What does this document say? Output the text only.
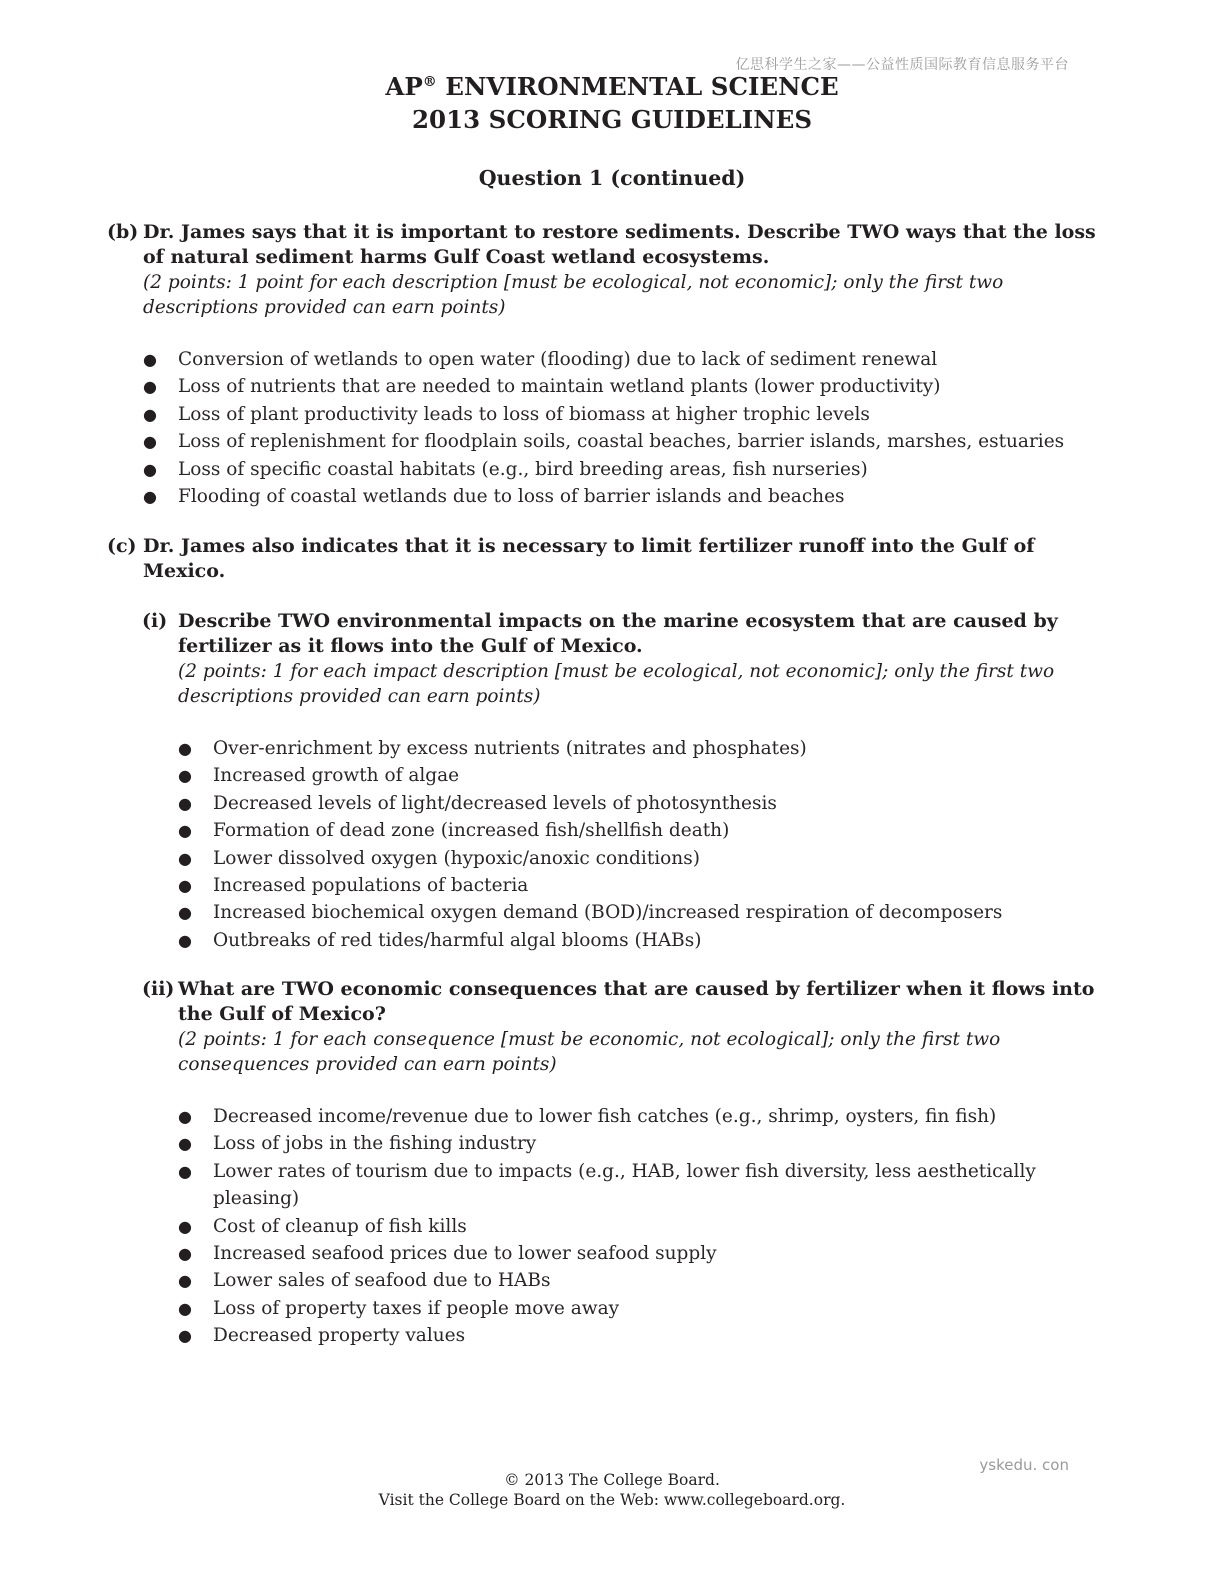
亿思科学生之家——公益性质国际教育信息服务平台
AP® ENVIRONMENTAL SCIENCE
2013 SCORING GUIDELINES
Question 1 (continued)
(b) Dr. James says that it is important to restore sediments. Describe TWO ways that the loss of natural sediment harms Gulf Coast wetland ecosystems.
(2 points: 1 point for each description [must be ecological, not economic]; only the first two descriptions provided can earn points)
● Conversion of wetlands to open water (flooding) due to lack of sediment renewal
● Loss of nutrients that are needed to maintain wetland plants (lower productivity)
● Loss of plant productivity leads to loss of biomass at higher trophic levels
● Loss of replenishment for floodplain soils, coastal beaches, barrier islands, marshes, estuaries
● Loss of specific coastal habitats (e.g., bird breeding areas, fish nurseries)
● Flooding of coastal wetlands due to loss of barrier islands and beaches
(c) Dr. James also indicates that it is necessary to limit fertilizer runoff into the Gulf of Mexico.
(i) Describe TWO environmental impacts on the marine ecosystem that are caused by fertilizer as it flows into the Gulf of Mexico.
(2 points: 1 for each impact description [must be ecological, not economic]; only the first two descriptions provided can earn points)
● Over-enrichment by excess nutrients (nitrates and phosphates)
● Increased growth of algae
● Decreased levels of light/decreased levels of photosynthesis
● Formation of dead zone (increased fish/shellfish death)
● Lower dissolved oxygen (hypoxic/anoxic conditions)
● Increased populations of bacteria
● Increased biochemical oxygen demand (BOD)/increased respiration of decomposers
● Outbreaks of red tides/harmful algal blooms (HABs)
(ii) What are TWO economic consequences that are caused by fertilizer when it flows into the Gulf of Mexico?
(2 points: 1 for each consequence [must be economic, not ecological]; only the first two consequences provided can earn points)
● Decreased income/revenue due to lower fish catches (e.g., shrimp, oysters, fin fish)
● Loss of jobs in the fishing industry
● Lower rates of tourism due to impacts (e.g., HAB, lower fish diversity, less aesthetically pleasing)
● Cost of cleanup of fish kills
● Increased seafood prices due to lower seafood supply
● Lower sales of seafood due to HABs
● Loss of property taxes if people move away
● Decreased property values
yskedu. con
© 2013 The College Board.
Visit the College Board on the Web: www.collegeboard.org.
